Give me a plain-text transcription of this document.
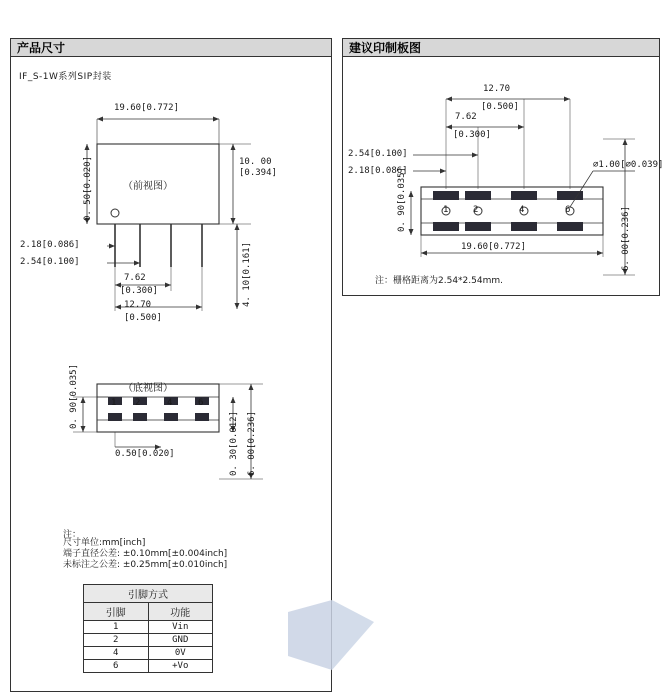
产品尺寸
IF_S-1W系列SIP封装
19.60[0.772]
（前视图）
10. 00
[0.394]
0. 50[0.020]
2.18[0.086]
2.54[0.100]
7.62
[0.300]
12.70
[0.500]
4. 10[0.161]
（底视图）
1 2	4	6
0. 90[0.035]
0.50[0.020]	0. 30[0.012] 6. 00[0.236]
注：
尺寸单位:mm[inch]
端子直径公差: ±0.10mm[±0.004inch]
未标注之公差: ±0.25mm[±0.010inch]
引脚方式	
引脚	功能
1	Vin
2	GND
4	0V
6	+Vo
建议印制板图
12.70
[0.500]
7.62
[0.300]
2.54[0.100]
2.18[0.086]
⌀1.00[⌀0.039]
1	2	4	6
0. 90[0.035]
19.60[0.772]	6. 00[0.236]
注：栅格距离为2.54*2.54mm.
